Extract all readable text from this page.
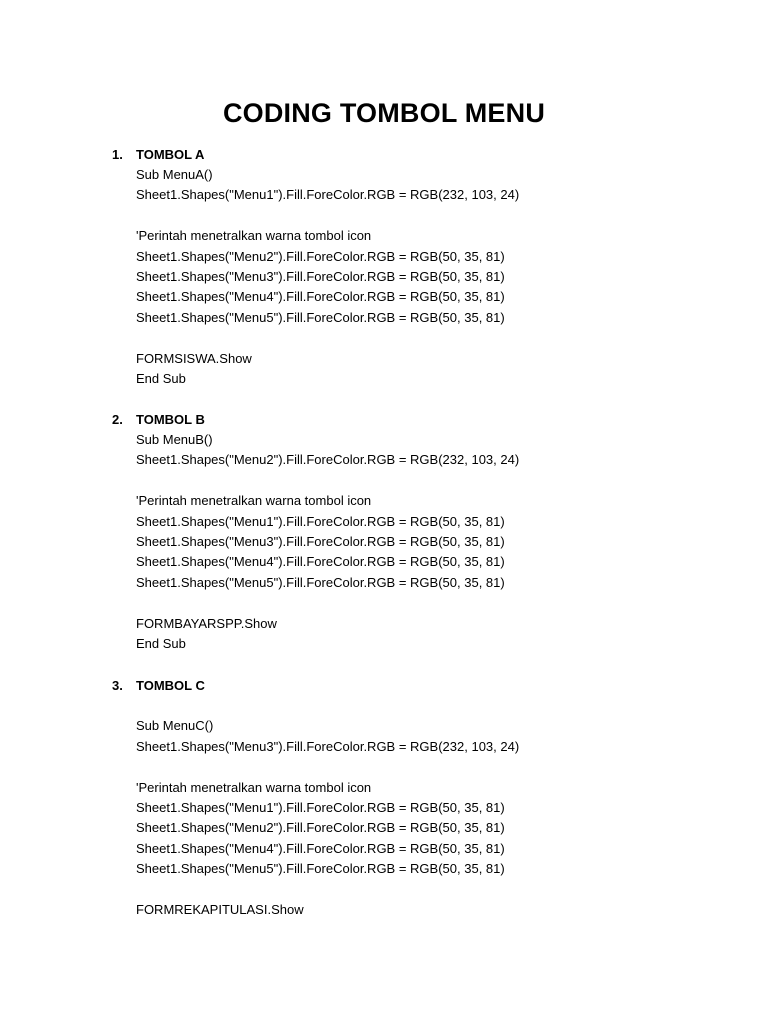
CODING TOMBOL MENU
1. TOMBOL A
Sub MenuA()
Sheet1.Shapes("Menu1").Fill.ForeColor.RGB = RGB(232, 103, 24)
'Perintah menetralkan warna tombol icon
Sheet1.Shapes("Menu2").Fill.ForeColor.RGB = RGB(50, 35, 81)
Sheet1.Shapes("Menu3").Fill.ForeColor.RGB = RGB(50, 35, 81)
Sheet1.Shapes("Menu4").Fill.ForeColor.RGB = RGB(50, 35, 81)
Sheet1.Shapes("Menu5").Fill.ForeColor.RGB = RGB(50, 35, 81)
FORMSISWA.Show
End Sub
2. TOMBOL B
Sub MenuB()
Sheet1.Shapes("Menu2").Fill.ForeColor.RGB = RGB(232, 103, 24)
'Perintah menetralkan warna tombol icon
Sheet1.Shapes("Menu1").Fill.ForeColor.RGB = RGB(50, 35, 81)
Sheet1.Shapes("Menu3").Fill.ForeColor.RGB = RGB(50, 35, 81)
Sheet1.Shapes("Menu4").Fill.ForeColor.RGB = RGB(50, 35, 81)
Sheet1.Shapes("Menu5").Fill.ForeColor.RGB = RGB(50, 35, 81)
FORMBAYARSPP.Show
End Sub
3. TOMBOL C
Sub MenuC()
Sheet1.Shapes("Menu3").Fill.ForeColor.RGB = RGB(232, 103, 24)
'Perintah menetralkan warna tombol icon
Sheet1.Shapes("Menu1").Fill.ForeColor.RGB = RGB(50, 35, 81)
Sheet1.Shapes("Menu2").Fill.ForeColor.RGB = RGB(50, 35, 81)
Sheet1.Shapes("Menu4").Fill.ForeColor.RGB = RGB(50, 35, 81)
Sheet1.Shapes("Menu5").Fill.ForeColor.RGB = RGB(50, 35, 81)
FORMREKAPITULASI.Show
